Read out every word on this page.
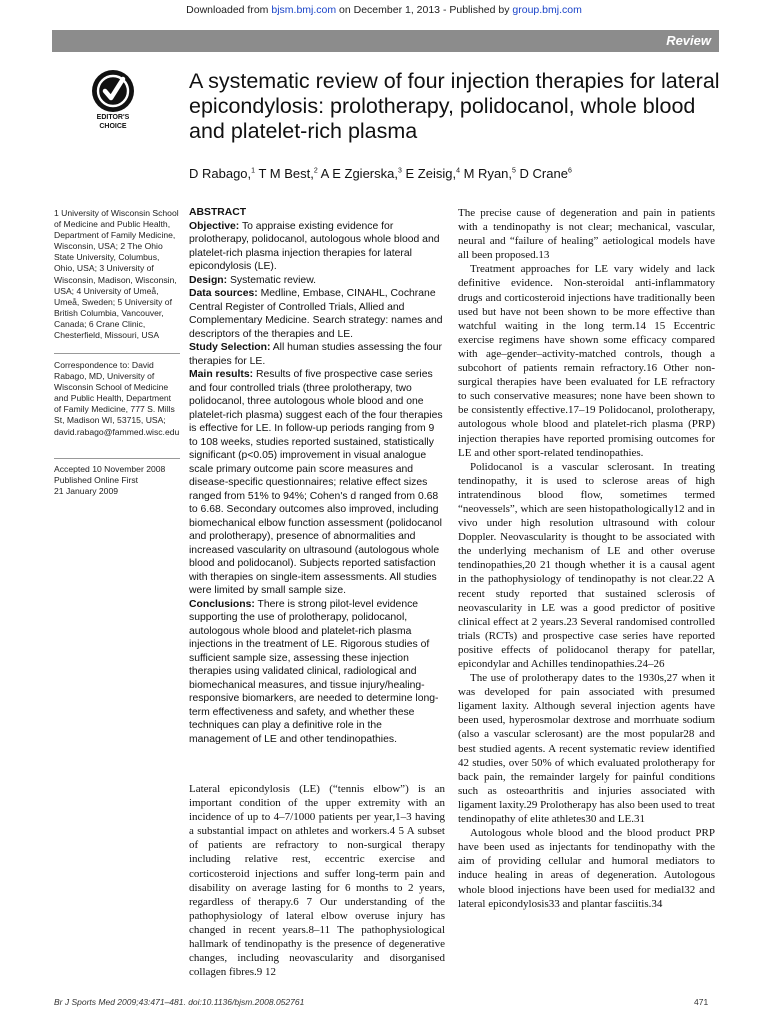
Downloaded from bjsm.bmj.com on December 1, 2013 - Published by group.bmj.com
Review
EDITOR'S
CHOICE
A systematic review of four injection therapies for lateral epicondylosis: prolotherapy, polidocanol, whole blood and platelet-rich plasma
D Rabago,$^1$ T M Best,$^2$ A E Zgierska,$^3$ E Zeisig,$^4$ M Ryan,$^5$ D Crane$^6$
1 University of Wisconsin School of Medicine and Public Health, Department of Family Medicine, Wisconsin, USA; 2 The Ohio State University, Columbus, Ohio, USA; 3 University of Wisconsin, Madison, Wisconsin, USA; 4 University of Umeå, Umeå, Sweden; 5 University of British Columbia, Vancouver, Canada; 6 Crane Clinic, Chesterfield, Missouri, USA
Correspondence to: David Rabago, MD, University of Wisconsin School of Medicine and Public Health, Department of Family Medicine, 777 S. Mills St, Madison WI, 53715, USA; david.rabago@fammed.wisc.edu
Accepted 10 November 2008
Published Online First
21 January 2009

ABSTRACT

Objective: To appraise existing evidence for prolotherapy, polidocanol, autologous whole blood and platelet-rich plasma injection therapies for lateral epicondylosis (LE).

Design: Systematic review.

Data sources: Medline, Embase, CINAHL, Cochrane Central Register of Controlled Trials, Allied and Complementary Medicine. Search strategy: names and descriptors of the therapies and LE.

Study Selection: All human studies assessing the four therapies for LE.

Main results: Results of five prospective case series and four controlled trials (three prolotherapy, two polidocanol, three autologous whole blood and one platelet-rich plasma) suggest each of the four therapies is effective for LE. In follow-up periods ranging from 9 to 108 weeks, studies reported sustained, statistically significant (p<0.05) improvement in visual analogue scale primary outcome pain score measures and disease-specific questionnaires; relative effect sizes ranged from 51% to 94%; Cohen's d ranged from 0.68 to 6.68. Secondary outcomes also improved, including biomechanical elbow function assessment (polidocanol and prolotherapy), presence of abnormalities and increased vascularity on ultrasound (autologous whole blood and polidocanol). Subjects reported satisfaction with therapies on single-item assessments. All studies were limited by small sample size.

Conclusions: There is strong pilot-level evidence supporting the use of prolotherapy, polidocanol, autologous whole blood and platelet-rich plasma injections in the treatment of LE. Rigorous studies of sufficient sample size, assessing these injection therapies using validated clinical, radiological and biomechanical measures, and tissue injury/healing-responsive biomarkers, are needed to determine long-term effectiveness and safety, and whether these techniques can play a definitive role in the management of LE and other tendinopathies.

Lateral epicondylosis (LE) (“tennis elbow”) is an important condition of the upper extremity with an incidence of up to 4–7/1000 patients per year,1–3 having a substantial impact on athletes and workers.4 5 A subset of patients are refractory to non-surgical therapy including relative rest, eccentric exercise and corticosteroid injections and suffer long-term pain and disability on average lasting for 6 months to 2 years, regardless of therapy.6 7 Our understanding of the pathophysiology of lateral elbow overuse injury has changed in recent years.8–11 The pathophysiological hallmark of tendinopathy is the presence of degenerative changes, including neovascularity and disorganised collagen fibres.9 12

The precise cause of degeneration and pain in patients with a tendinopathy is not clear; mechanical, vascular, neural and “failure of healing” aetiological models have all been proposed.13

Treatment approaches for LE vary widely and lack definitive evidence. Non-steroidal anti-inflammatory drugs and corticosteroid injections have traditionally been used but have not been shown to be more effective than watchful waiting in the long term.14 15 Eccentric exercise regimens have shown some efficacy compared with age–gender–activity-matched controls, though a subcohort of patients remain refractory.16 Other non-surgical therapies have been evaluated for LE refractory to such conservative measures; none have been shown to be consistently effective.17–19 Polidocanol, prolotherapy, autologous whole blood and platelet-rich plasma (PRP) injection therapies have reported promising outcomes for LE and other sport-related tendinopathies.

Polidocanol is a vascular sclerosant. In treating tendinopathy, it is used to sclerose areas of high intratendinous blood flow, sometimes termed “neovessels”, which are seen histopathologically12 and in vivo under high resolution ultrasound with colour Doppler. Neovascularity is thought to be associated with the underlying mechanism of LE and other overuse tendinopathies,20 21 though whether it is a causal agent in the pathophysiology of tendinopathy is not clear.22 A recent study reported that sustained sclerosis of neovascularity in LE was a good predictor of positive clinical effect at 2 years.23 Several randomised controlled trials (RCTs) and prospective case series have reported positive effects of polidocanol therapy for patellar, epicondylar and Achilles tendinopathies.24–26

The use of prolotherapy dates to the 1930s,27 when it was developed for pain associated with presumed ligament laxity. Although several injection agents have been used, hyperosmolar dextrose and morrhuate sodium (also a vascular sclerosant) are the most popular28 and best studied agents. A recent systematic review identified 42 studies, over 50% of which evaluated prolotherapy for back pain, the remainder largely for painful conditions such as osteoarthritis and injuries associated with ligament laxity.29 Prolotherapy has also been used to treat tendinopathy of elite athletes30 and LE.31

Autologous whole blood and the blood product PRP have been used as injectants for tendinopathy with the aim of providing cellular and humoral mediators to induce healing in areas of degeneration. Autologous whole blood injections have been used for medial32 and lateral epicondylosis33 and plantar fasciitis.34

Br J Sports Med 2009;43:471–481. doi:10.1136/bjsm.2008.052761	471
